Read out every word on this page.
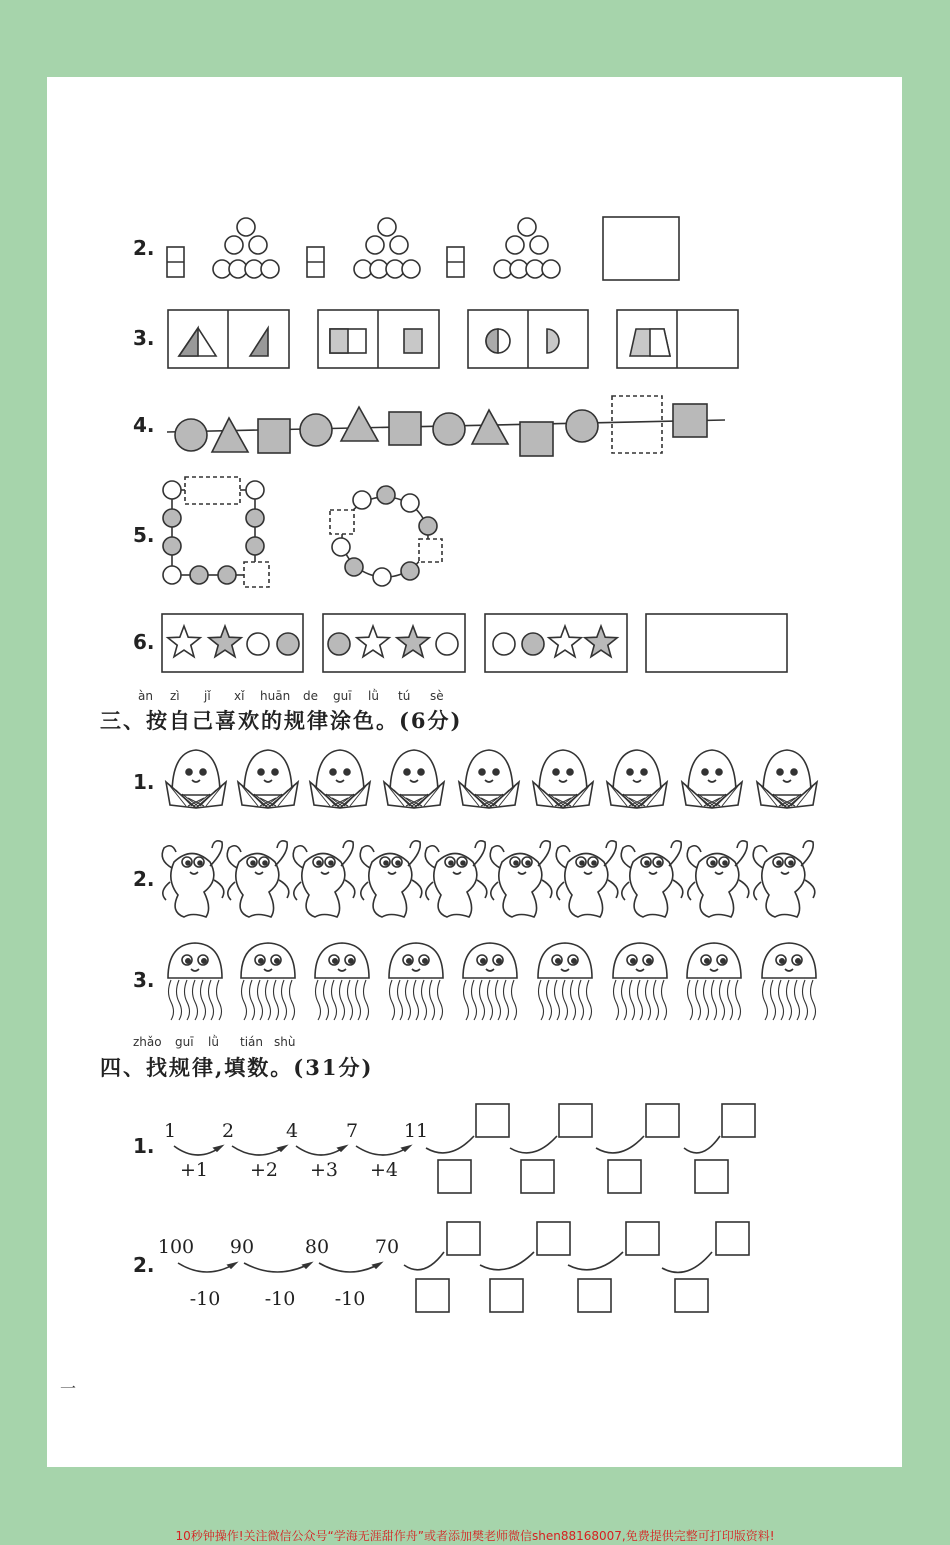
2.
3.
4.
5.
6.
1.
2.
3.
1.
2.
àn zì jǐ xǐ huān de guī lǜ tú sè
三、按自己喜欢的规律涂色。(6分)
zhǎo guī lǜ tián shù
四、找规律,填数。(31分)
1	2	4	7	11
+1	+2	+3	+4
100	90	80	70
-10	-10	-10
一
10秒钟操作!关注微信公众号“学海无涯甜作舟”或者添加樊老师微信shen88168007,免费提供完整可打印版资料!
